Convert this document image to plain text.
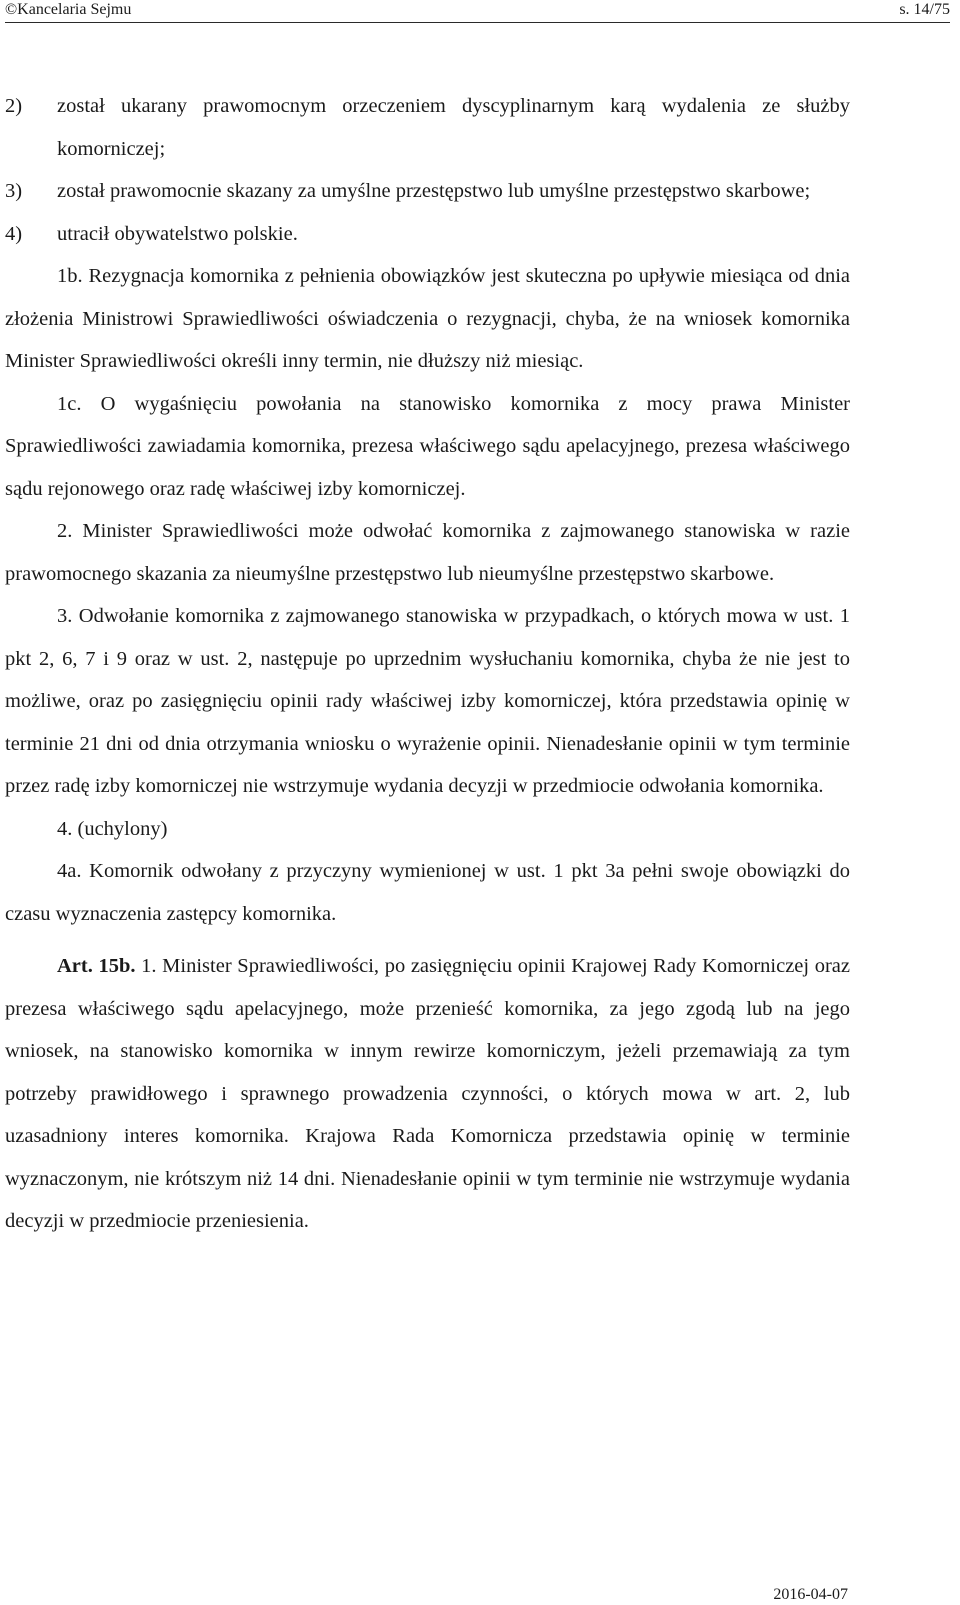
©Kancelaria Sejmu	s. 14/75
2)	został ukarany prawomocnym orzeczeniem dyscyplinarnym karą wydalenia ze służby komorniczej;
3)	został prawomocnie skazany za umyślne przestępstwo lub umyślne przestępstwo skarbowe;
4)	utracił obywatelstwo polskie.

1b. Rezygnacja komornika z pełnienia obowiązków jest skuteczna po upływie miesiąca od dnia złożenia Ministrowi Sprawiedliwości oświadczenia o rezygnacji, chyba, że na wniosek komornika Minister Sprawiedliwości określi inny termin, nie dłuższy niż miesiąc.

1c. O wygaśnięciu powołania na stanowisko komornika z mocy prawa Minister Sprawiedliwości zawiadamia komornika, prezesa właściwego sądu apelacyjnego, prezesa właściwego sądu rejonowego oraz radę właściwej izby komorniczej.

2. Minister Sprawiedliwości może odwołać komornika z zajmowanego stanowiska w razie prawomocnego skazania za nieumyślne przestępstwo lub nieumyślne przestępstwo skarbowe.

3. Odwołanie komornika z zajmowanego stanowiska w przypadkach, o których mowa w ust. 1 pkt 2, 6, 7 i 9 oraz w ust. 2, następuje po uprzednim wysłuchaniu komornika, chyba że nie jest to możliwe, oraz po zasięgnięciu opinii rady właściwej izby komorniczej, która przedstawia opinię w terminie 21 dni od dnia otrzymania wniosku o wyrażenie opinii. Nienadesłanie opinii w tym terminie przez radę izby komorniczej nie wstrzymuje wydania decyzji w przedmiocie odwołania komornika.

4. (uchylony)

4a. Komornik odwołany z przyczyny wymienionej w ust. 1 pkt 3a pełni swoje obowiązki do czasu wyznaczenia zastępcy komornika.

Art. 15b. 1. Minister Sprawiedliwości, po zasięgnięciu opinii Krajowej Rady Komorniczej oraz prezesa właściwego sądu apelacyjnego, może przenieść komornika, za jego zgodą lub na jego wniosek, na stanowisko komornika w innym rewirze komorniczym, jeżeli przemawiają za tym potrzeby prawidłowego i sprawnego prowadzenia czynności, o których mowa w art. 2, lub uzasadniony interes komornika. Krajowa Rada Komornicza przedstawia opinię w terminie wyznaczonym, nie krótszym niż 14 dni. Nienadesłanie opinii w tym terminie nie wstrzymuje wydania decyzji w przedmiocie przeniesienia.

2016-04-07
